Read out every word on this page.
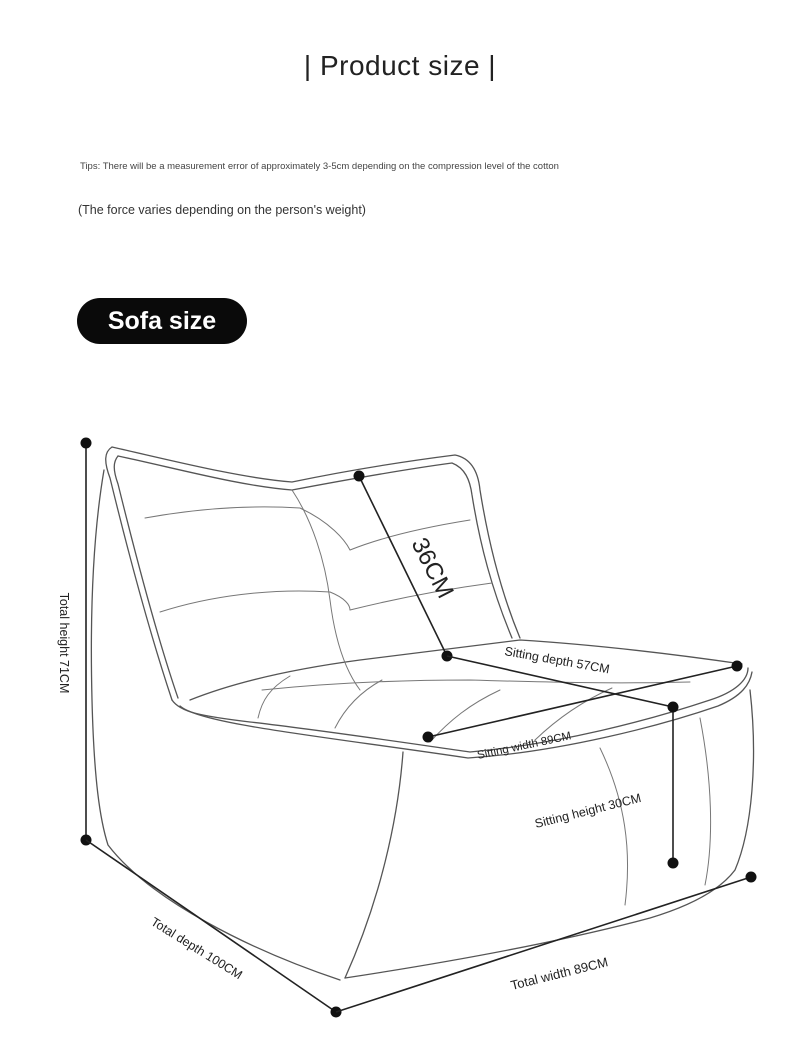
| Product size |
Tips: There will be a measurement error of approximately 3-5cm depending on the compression level of the cotton
(The force varies depending on the person's weight)
Sofa size
36CM
Total height 71CM	Sitting depth 57CM
Sitting width 89CM
Sitting height 30CM
Total depth 100CM	Total width 89CM
